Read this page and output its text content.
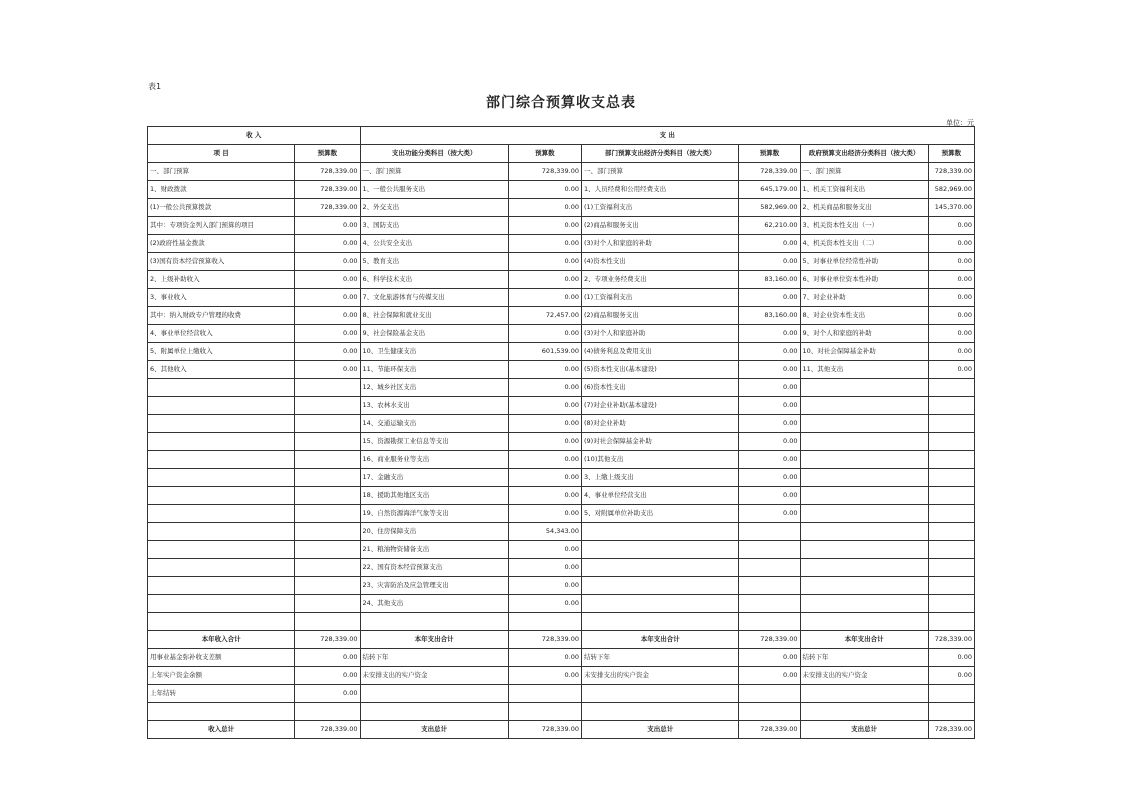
表1
部门综合预算收支总表
单位：元
收 入		支 出					
项 目	预算数	支出功能分类科目（按大类）	预算数	部门预算支出经济分类科目（按大类）	预算数	政府预算支出经济分类科目（按大类）	预算数
一、部门预算	728,339.00	一、部门预算	728,339.00	一、部门预算	728,339.00	一、部门预算	728,339.00
1、财政拨款	728,339.00	1、一般公共服务支出	0.00	1、人员经费和公用经费支出	645,179.00	1、机关工资福利支出	582,969.00
(1)一般公共预算拨款	728,339.00	2、外交支出	0.00	(1)工资福利支出	582,969.00	2、机关商品和服务支出	145,370.00
其中：专项资金列入部门预算的项目	0.00	3、国防支出	0.00	(2)商品和服务支出	62,210.00	3、机关资本性支出（一）	0.00
(2)政府性基金拨款	0.00	4、公共安全支出	0.00	(3)对个人和家庭的补助	0.00	4、机关资本性支出（二）	0.00
(3)国有资本经营预算收入	0.00	5、教育支出	0.00	(4)资本性支出	0.00	5、对事业单位经常性补助	0.00
2、上级补助收入	0.00	6、科学技术支出	0.00	2、专项业务经费支出	83,160.00	6、对事业单位资本性补助	0.00
3、事业收入	0.00	7、文化旅游体育与传媒支出	0.00	(1)工资福利支出	0.00	7、对企业补助	0.00
其中：纳入财政专户管理的收费	0.00	8、社会保障和就业支出	72,457.00	(2)商品和服务支出	83,160.00	8、对企业资本性支出	0.00
4、事业单位经营收入	0.00	9、社会保险基金支出	0.00	(3)对个人和家庭补助	0.00	9、对个人和家庭的补助	0.00
5、附属单位上缴收入	0.00	10、卫生健康支出	601,539.00	(4)债务利息及费用支出	0.00	10、对社会保障基金补助	0.00
6、其他收入	0.00	11、节能环保支出	0.00	(5)资本性支出(基本建设)	0.00	11、其他支出	0.00
		12、城乡社区支出	0.00	(6)资本性支出	0.00		
		13、农林水支出	0.00	(7)对企业补助(基本建设)	0.00		
		14、交通运输支出	0.00	(8)对企业补助	0.00		
		15、资源勘探工业信息等支出	0.00	(9)对社会保障基金补助	0.00		
		16、商业服务业等支出	0.00	(10)其他支出	0.00		
		17、金融支出	0.00	3、上缴上级支出	0.00		
		18、援助其他地区支出	0.00	4、事业单位经营支出	0.00		
		19、自然资源海洋气象等支出	0.00	5、对附属单位补助支出	0.00		
		20、住房保障支出	54,343.00				
		21、粮油物资储备支出	0.00				
		22、国有资本经营预算支出	0.00				
		23、灾害防治及应急管理支出	0.00				
		24、其他支出	0.00				

本年收入合计	728,339.00	本年支出合计	728,339.00	本年支出合计	728,339.00	本年支出合计	728,339.00
用事业基金弥补收支差额	0.00	结转下年	0.00	结转下年	0.00	结转下年	0.00
上年实户资金余额	0.00	未安排支出的实户资金	0.00	未安排支出的实户资金	0.00	未安排支出的实户资金	0.00
上年结转	0.00						

收入总计	728,339.00	支出总计	728,339.00	支出总计	728,339.00	支出总计	728,339.00
